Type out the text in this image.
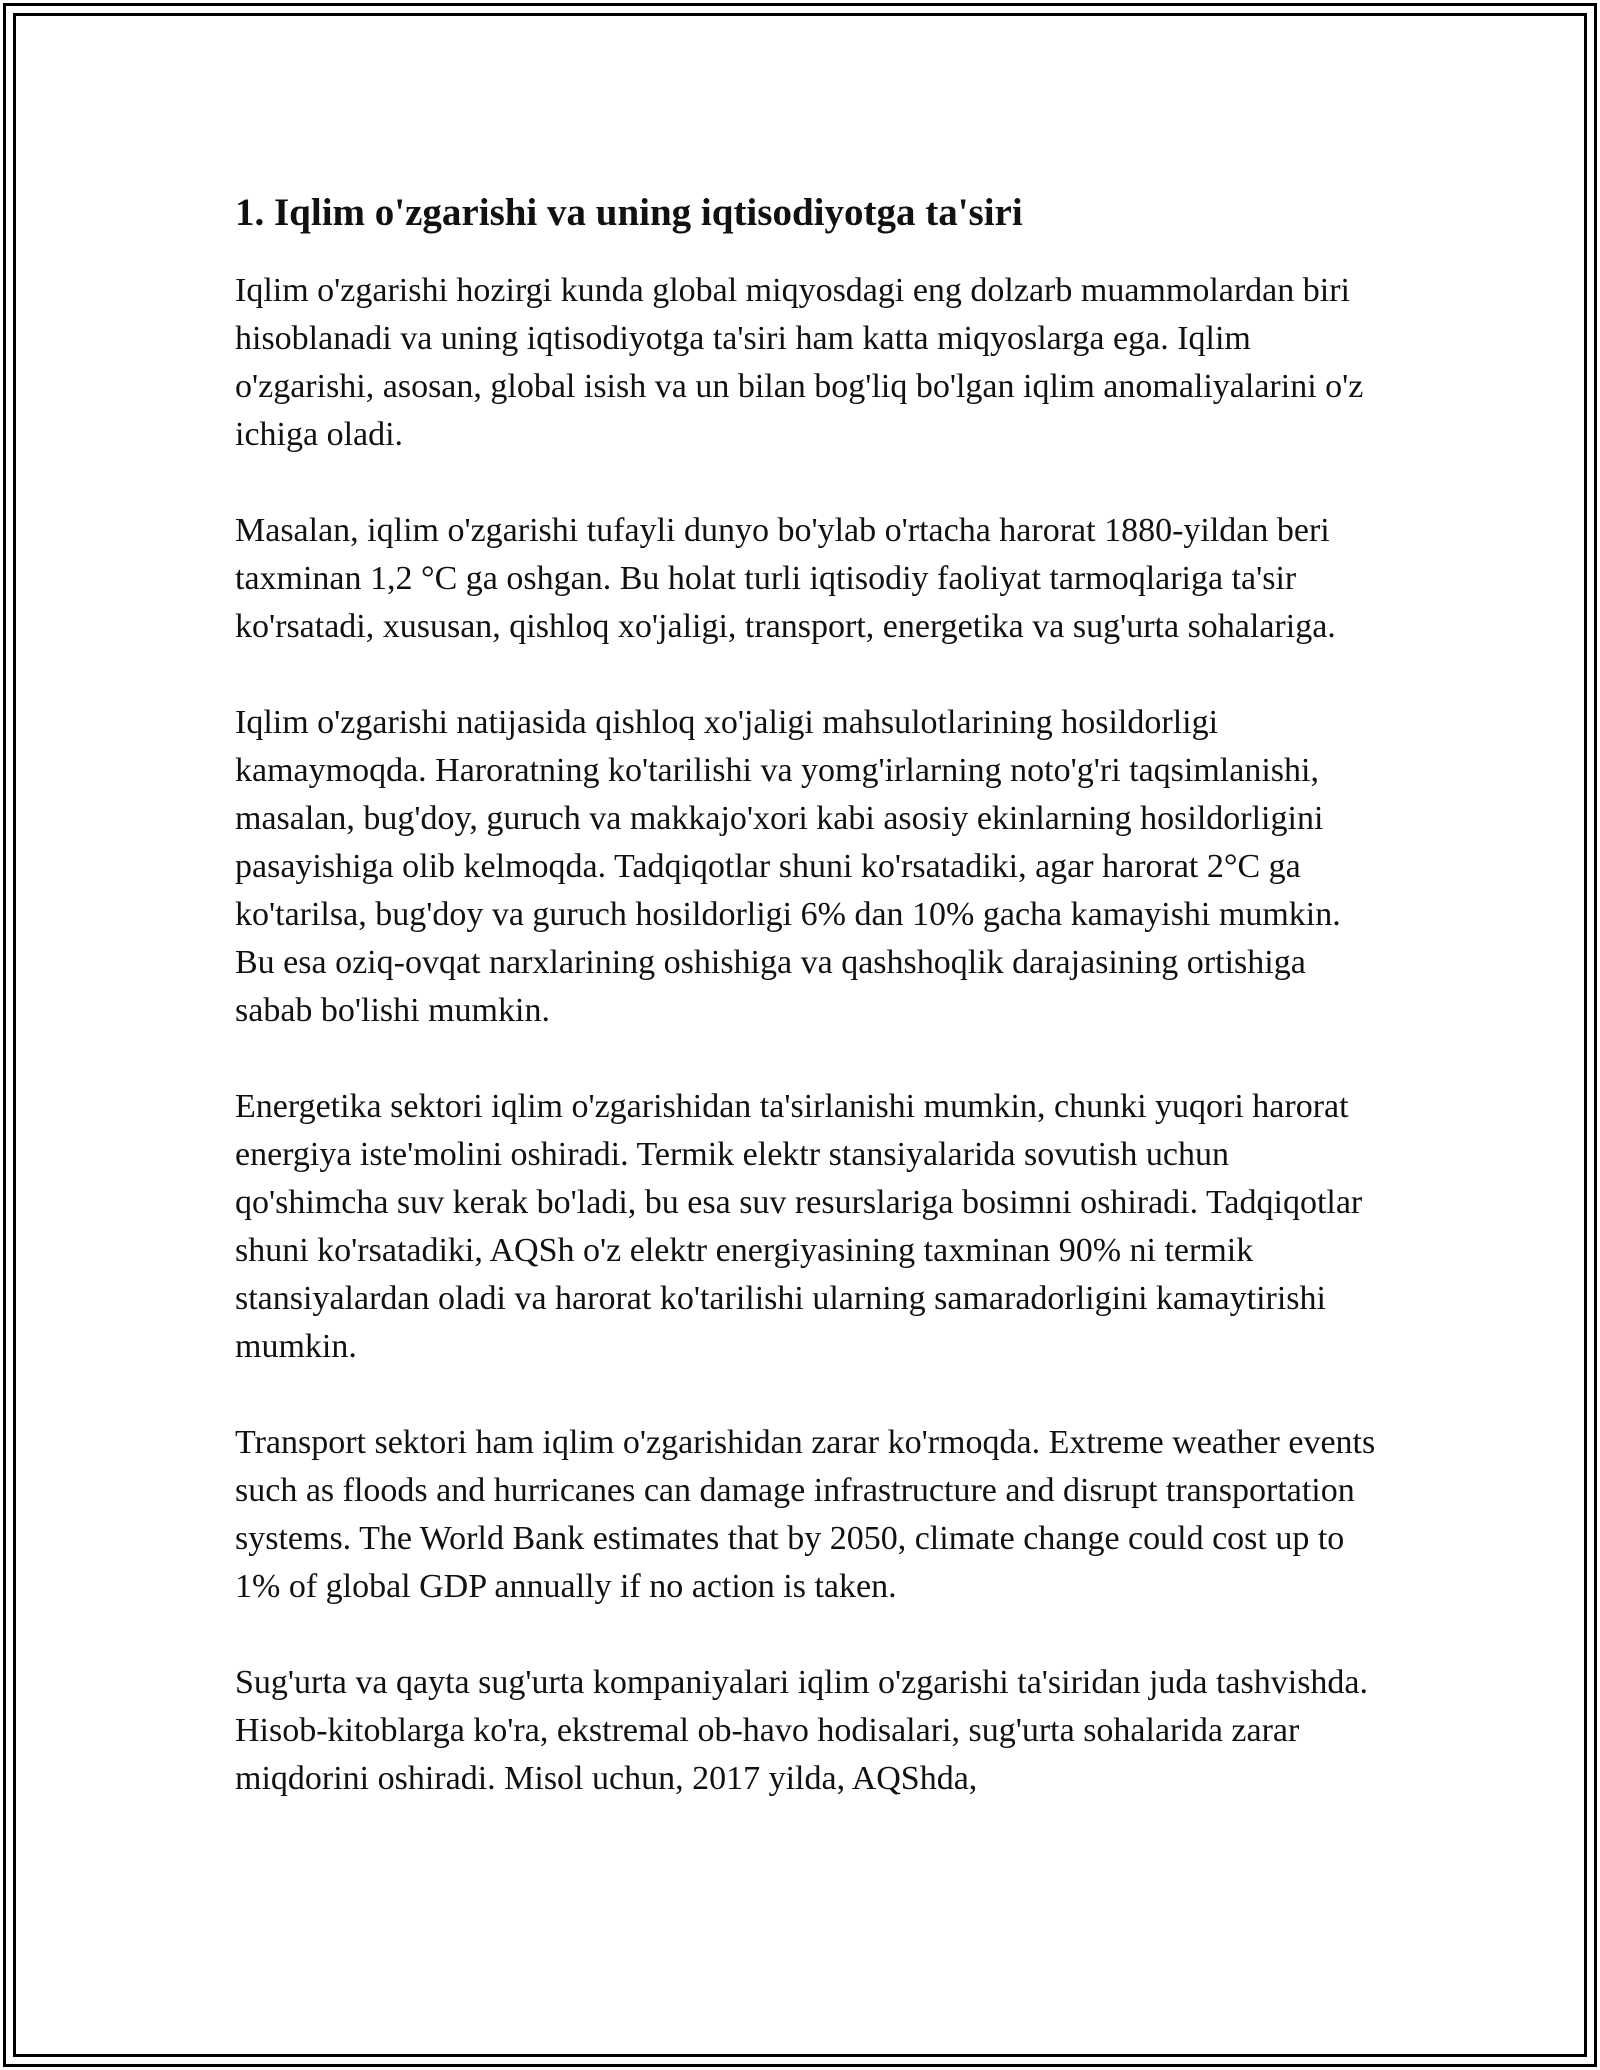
1. Iqlim o'zgarishi va uning iqtisodiyotga ta'siri

Iqlim o'zgarishi hozirgi kunda global miqyosdagi eng dolzarb muammolardan biri hisoblanadi va uning iqtisodiyotga ta'siri ham katta miqyoslarga ega. Iqlim o'zgarishi, asosan, global isish va un bilan bog'liq bo'lgan iqlim anomaliyalarini o'z ichiga oladi.

Masalan, iqlim o'zgarishi tufayli dunyo bo'ylab o'rtacha harorat 1880-yildan beri taxminan 1,2 °C ga oshgan. Bu holat turli iqtisodiy faoliyat tarmoqlariga ta'sir ko'rsatadi, xususan, qishloq xo'jaligi, transport, energetika va sug'urta sohalariga.

Iqlim o'zgarishi natijasida qishloq xo'jaligi mahsulotlarining hosildorligi kamaymoqda. Haroratning ko'tarilishi va yomg'irlarning noto'g'ri taqsimlanishi, masalan, bug'doy, guruch va makkajo'xori kabi asosiy ekinlarning hosildorligini pasayishiga olib kelmoqda. Tadqiqotlar shuni ko'rsatadiki, agar harorat 2°C ga ko'tarilsa, bug'doy va guruch hosildorligi 6% dan 10% gacha kamayishi mumkin. Bu esa oziq-ovqat narxlarining oshishiga va qashshoqlik darajasining ortishiga sabab bo'lishi mumkin.

Energetika sektori iqlim o'zgarishidan ta'sirlanishi mumkin, chunki yuqori harorat energiya iste'molini oshiradi. Termik elektr stansiyalarida sovutish uchun qo'shimcha suv kerak bo'ladi, bu esa suv resurslariga bosimni oshiradi. Tadqiqotlar shuni ko'rsatadiki, AQSh o'z elektr energiyasining taxminan 90% ni termik stansiyalardan oladi va harorat ko'tarilishi ularning samaradorligini kamaytirishi mumkin.

Transport sektori ham iqlim o'zgarishidan zarar ko'rmoqda. Extreme weather events such as floods and hurricanes can damage infrastructure and disrupt transportation systems. The World Bank estimates that by 2050, climate change could cost up to 1% of global GDP annually if no action is taken.

Sug'urta va qayta sug'urta kompaniyalari iqlim o'zgarishi ta'siridan juda tashvishda. Hisob-kitoblarga ko'ra, ekstremal ob-havo hodisalari, sug'urta sohalarida zarar miqdorini oshiradi. Misol uchun, 2017 yilda, AQShda,
